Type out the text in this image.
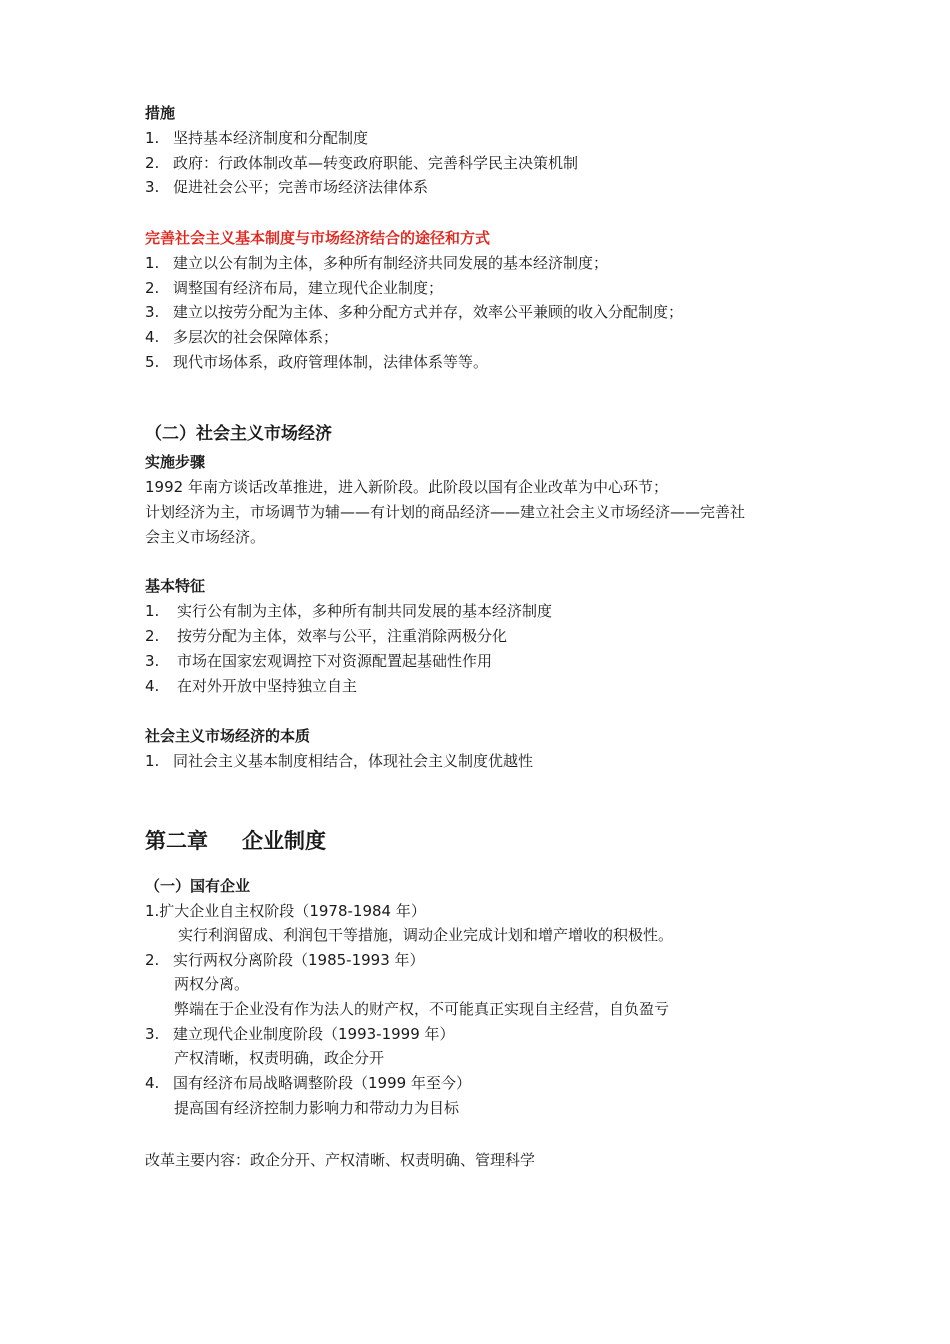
措施
1. 坚持基本经济制度和分配制度
2. 政府：行政体制改革—转变政府职能、完善科学民主决策机制
3. 促进社会公平；完善市场经济法律体系
完善社会主义基本制度与市场经济结合的途径和方式
1. 建立以公有制为主体，多种所有制经济共同发展的基本经济制度；
2. 调整国有经济布局，建立现代企业制度；
3. 建立以按劳分配为主体、多种分配方式并存，效率公平兼顾的收入分配制度；
4. 多层次的社会保障体系；
5. 现代市场体系，政府管理体制，法律体系等等。
（二）社会主义市场经济
实施步骤
1992 年南方谈话改革推进，进入新阶段。此阶段以国有企业改革为中心环节；
计划经济为主，市场调节为辅——有计划的商品经济——建立社会主义市场经济——完善社
会主义市场经济。
基本特征
1. 实行公有制为主体，多种所有制共同发展的基本经济制度
2. 按劳分配为主体，效率与公平，注重消除两极分化
3. 市场在国家宏观调控下对资源配置起基础性作用
4. 在对外开放中坚持独立自主
社会主义市场经济的本质
1. 同社会主义基本制度相结合，体现社会主义制度优越性
第二章 企业制度
（一）国有企业
1.扩大企业自主权阶段（1978-1984 年）
实行利润留成、利润包干等措施，调动企业完成计划和增产增收的积极性。
2. 实行两权分离阶段（1985-1993 年）
两权分离。
弊端在于企业没有作为法人的财产权，不可能真正实现自主经营，自负盈亏
3. 建立现代企业制度阶段（1993-1999 年）
产权清晰，权责明确，政企分开
4. 国有经济布局战略调整阶段（1999 年至今）
提高国有经济控制力影响力和带动力为目标
改革主要内容：政企分开、产权清晰、权责明确、管理科学
